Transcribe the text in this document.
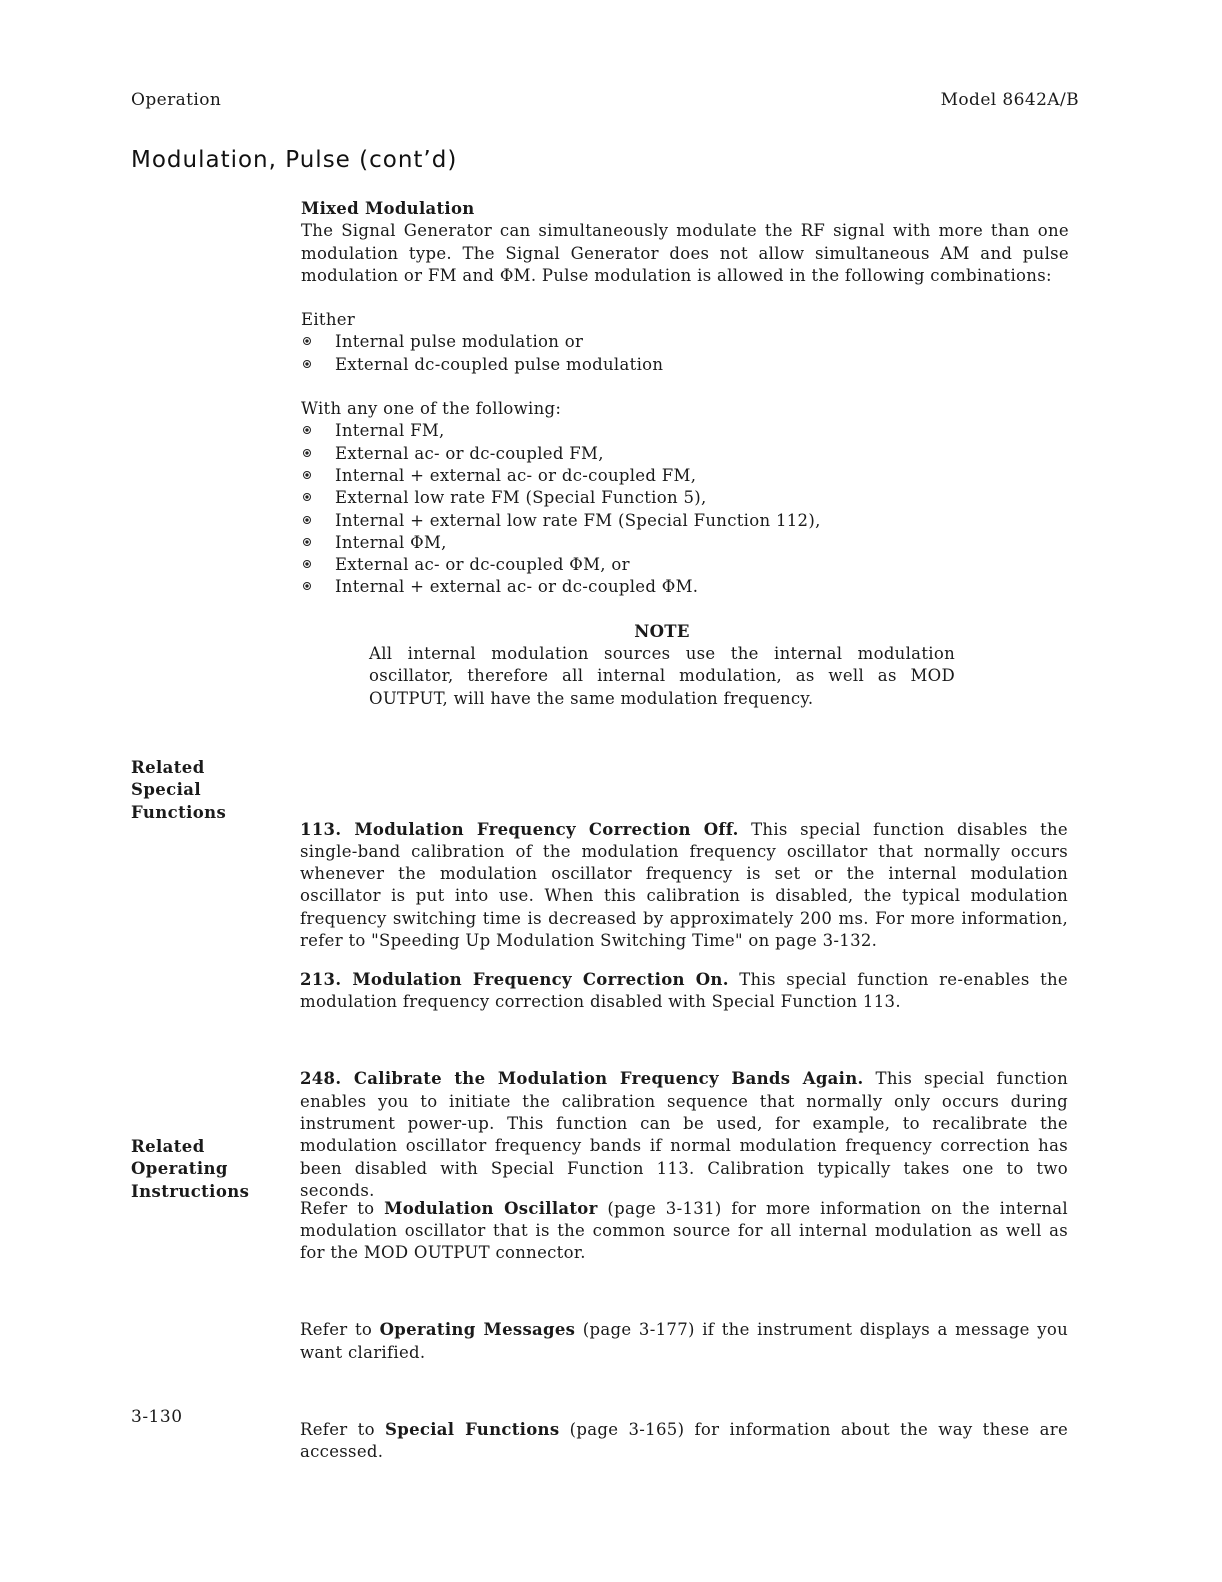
Operation	Model 8642A/B
Modulation, Pulse (cont’d)

Mixed Modulation

The Signal Generator can simultaneously modulate the RF signal with more than one modulation type. The Signal Generator does not allow simultaneous AM and pulse modulation or FM and ΦM. Pulse modulation is allowed in the following combinations:

Either

Internal pulse modulation or
External dc-coupled pulse modulation

With any one of the following:

Internal FM,
External ac- or dc-coupled FM,
Internal + external ac- or dc-coupled FM,
External low rate FM (Special Function 5),
Internal + external low rate FM (Special Function 112),
Internal ΦM,
External ac- or dc-coupled ΦM, or
Internal + external ac- or dc-coupled ΦM.

NOTE

All internal modulation sources use the internal modulation oscillator, therefore all internal modulation, as well as MOD OUTPUT, will have the same modulation frequency.

Related
Special
Functions

113. Modulation Frequency Correction Off. This special function disables the single-band calibration of the modulation frequency oscillator that normally occurs whenever the modulation oscillator frequency is set or the internal modulation oscillator is put into use. When this calibration is disabled, the typical modulation frequency switching time is decreased by approximately 200 ms. For more information, refer to "Speeding Up Modulation Switching Time" on page 3-132.

213. Modulation Frequency Correction On. This special function re-enables the modulation frequency correction disabled with Special Function 113.

248. Calibrate the Modulation Frequency Bands Again. This special function enables you to initiate the calibration sequence that normally only occurs during instrument power-up. This function can be used, for example, to recalibrate the modulation oscillator frequency bands if normal modulation frequency correction has been disabled with Special Function 113. Calibration typically takes one to two seconds.

Related
Operating
Instructions

Refer to Modulation Oscillator (page 3-131) for more information on the internal modulation oscillator that is the common source for all internal modulation as well as for the MOD OUTPUT connector.

Refer to Operating Messages (page 3-177) if the instrument displays a message you want clarified.

Refer to Special Functions (page 3-165) for information about the way these are accessed.

3-130
